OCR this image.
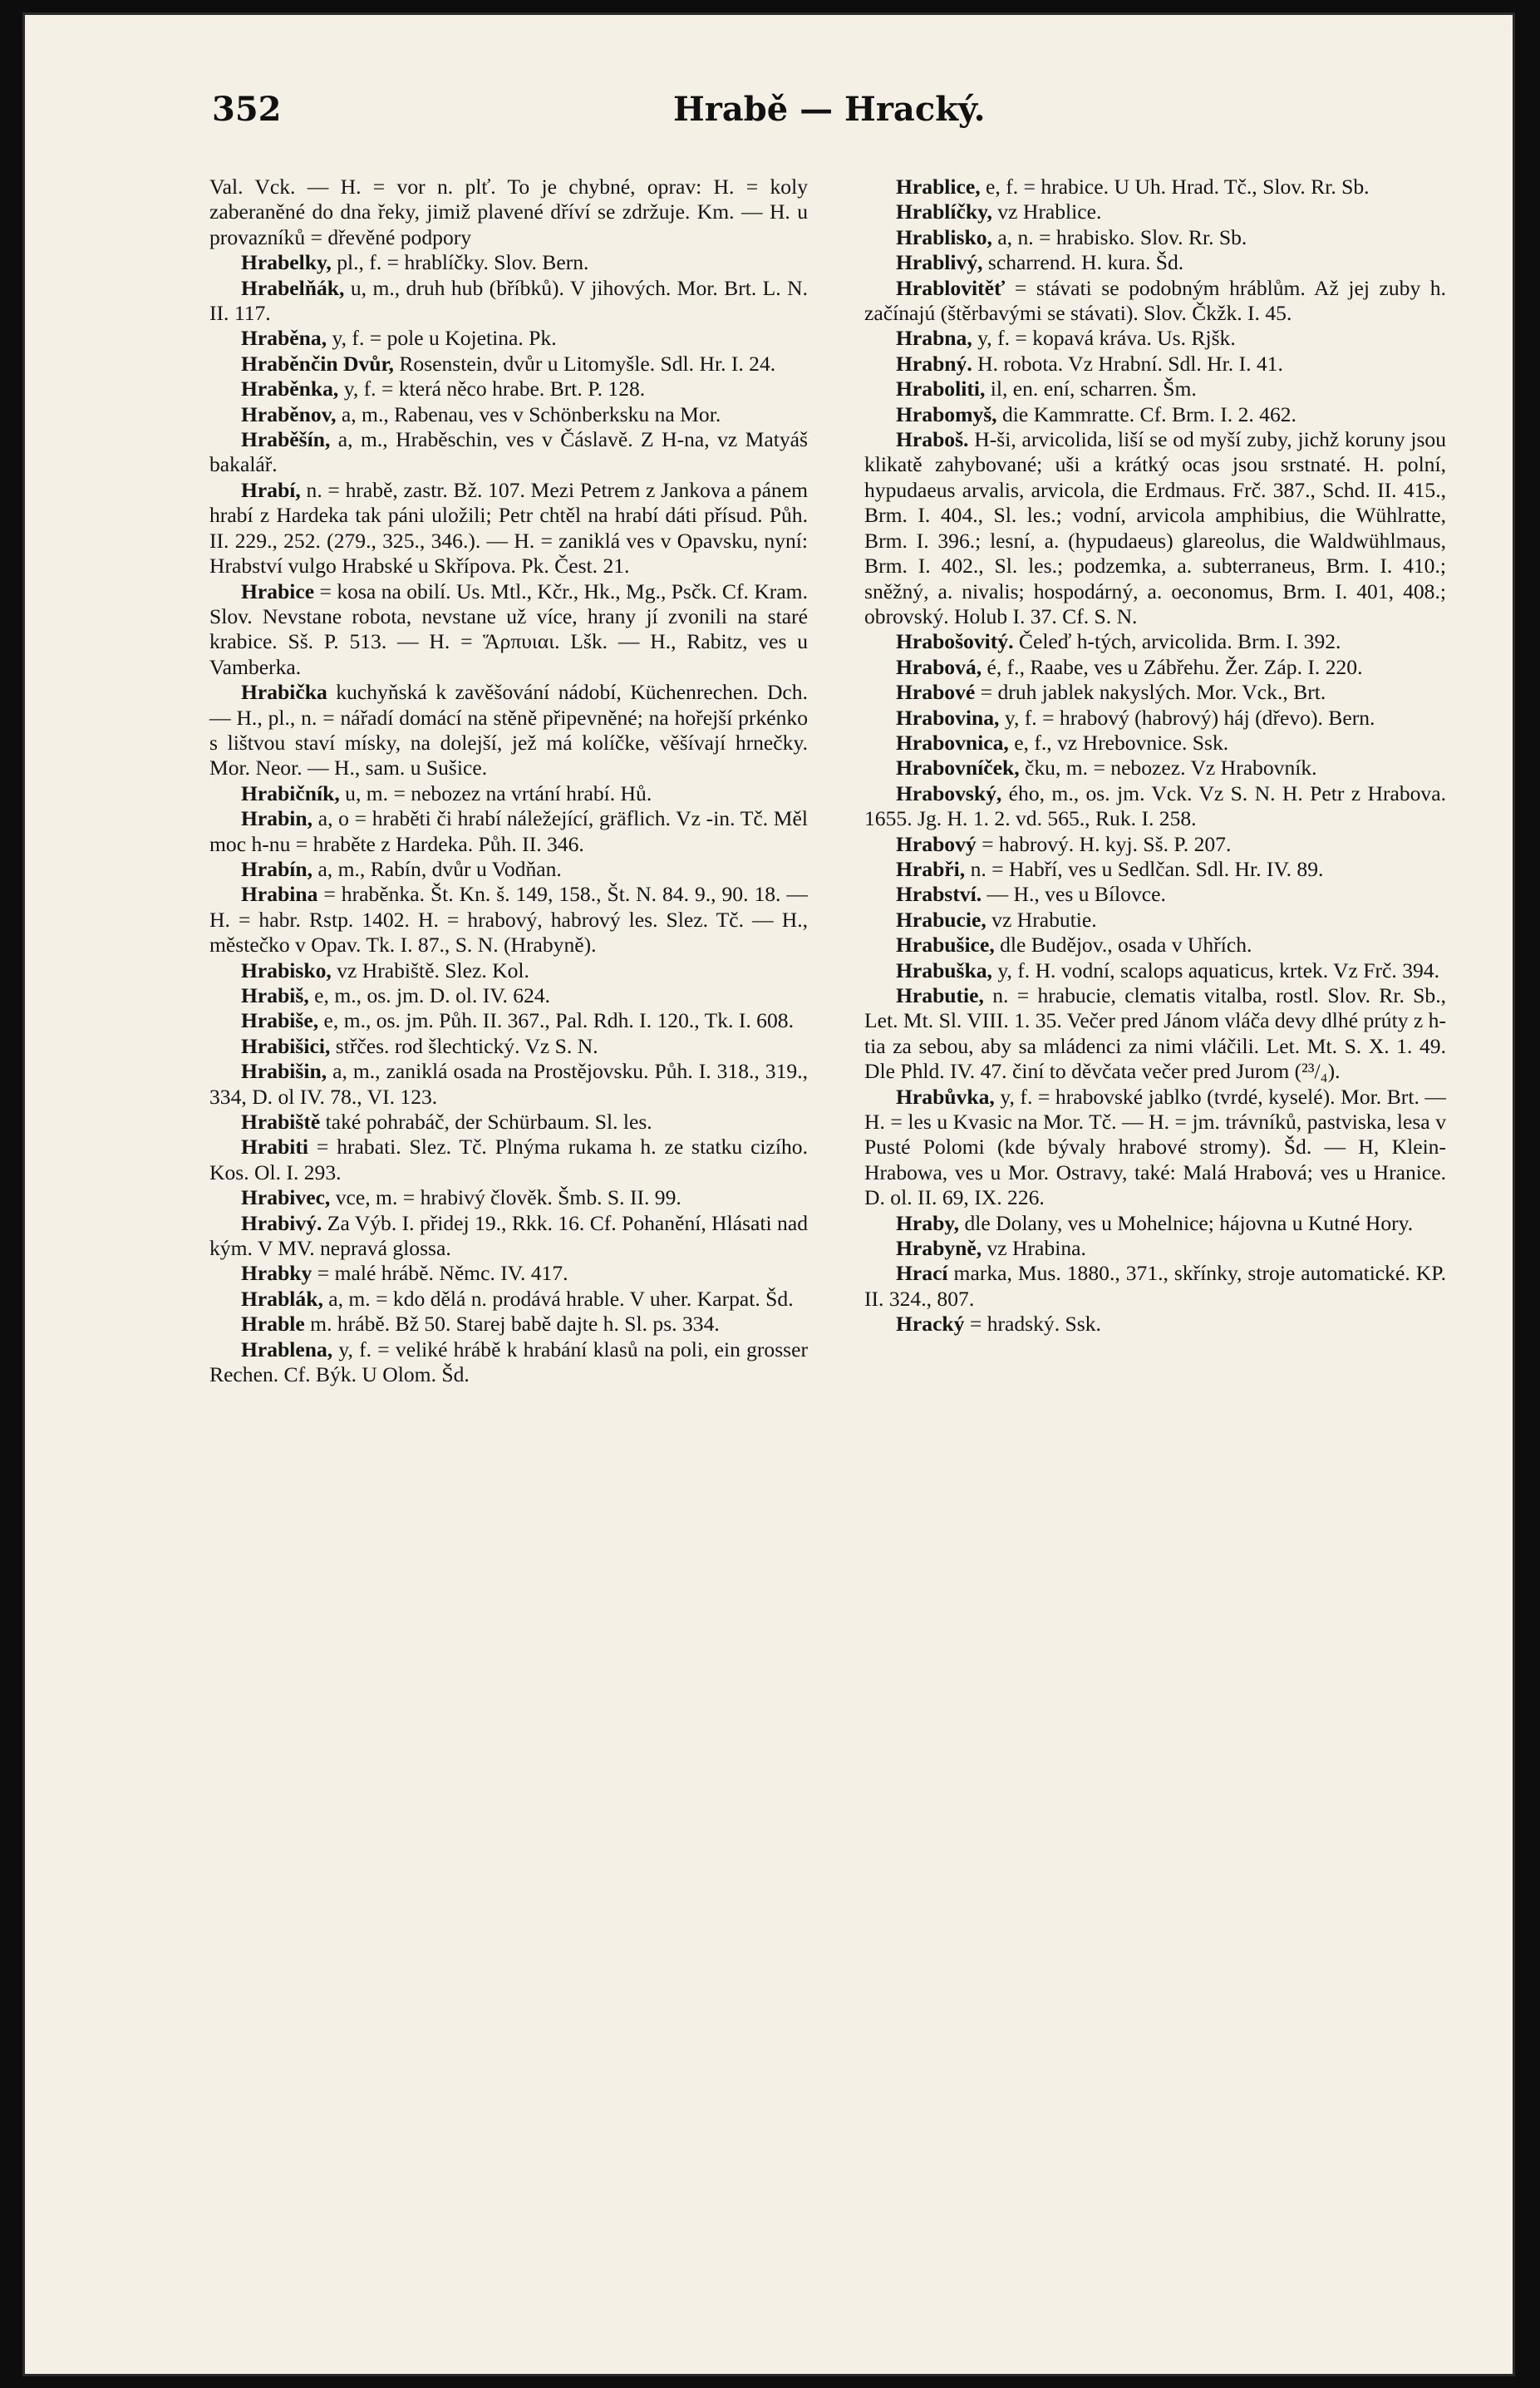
352	Hrabě — Hracký.
Val. Vck. — H. = vor n. plť. To je chybné, oprav: H. = koly zaberaněné do dna řeky, jimiž plavené dříví se zdržuje. Km. — H. u provazníků = dřevěné podpory
Hrabelky, pl., f. = hrablíčky. Slov. Bern.
Hrabelňák, u, m., druh hub (bříbků). V jihových. Mor. Brt. L. N. II. 117.
Hraběna, y, f. = pole u Kojetina. Pk.
Hraběnčin Dvůr, Rosenstein, dvůr u Litomyšle. Sdl. Hr. I. 24.
Hraběnka, y, f. = která něco hrabe. Brt. P. 128.
Hraběnov, a, m., Rabenau, ves v Schönberksku na Mor.
Hraběšín, a, m., Hraběschin, ves v Čáslavě. Z H-na, vz Matyáš bakalář.
Hrabí, n. = hrabě, zastr. Bž. 107. Mezi Petrem z Jankova a pánem hrabí z Hardeka tak páni uložili; Petr chtěl na hrabí dáti přísud. Půh. II. 229., 252. (279., 325., 346.). — H. = zaniklá ves v Opavsku, nyní: Hrabství vulgo Hrabské u Skřípova. Pk. Čest. 21.
Hrabice = kosa na obilí. Us. Mtl., Kčr., Hk., Mg., Psčk. Cf. Kram. Slov. Nevstane robota, nevstane už více, hrany jí zvonili na staré krabice. Sš. P. 513. — H. = Ἅρπυιαι. Lšk. — H., Rabitz, ves u Vamberka.
Hrabička kuchyňská k zavěšování nádobí, Küchenrechen. Dch. — H., pl., n. = nářadí domácí na stěně připevněné; na hořejší prkénko s lištvou staví mísky, na dolejší, jež má kolíčke, věšívají hrnečky. Mor. Neor. — H., sam. u Sušice.
Hrabičník, u, m. = nebozez na vrtání hrabí. Hů.
Hrabin, a, o = hraběti či hrabí náležející, gräflich. Vz -in. Tč. Měl moc h-nu = hraběte z Hardeka. Půh. II. 346.
Hrabín, a, m., Rabín, dvůr u Vodňan.
Hrabina = hraběnka. Št. Kn. š. 149, 158., Št. N. 84. 9., 90. 18. — H. = habr. Rstp. 1402. H. = hrabový, habrový les. Slez. Tč. — H., městečko v Opav. Tk. I. 87., S. N. (Hrabyně).
Hrabisko, vz Hrabiště. Slez. Kol.
Hrabiš, e, m., os. jm. D. ol. IV. 624.
Hrabiše, e, m., os. jm. Půh. II. 367., Pal. Rdh. I. 120., Tk. I. 608.
Hrabišici, střčes. rod šlechtický. Vz S. N.
Hrabišin, a, m., zaniklá osada na Prostějovsku. Půh. I. 318., 319., 334, D. ol IV. 78., VI. 123.
Hrabiště také pohrabáč, der Schürbaum. Sl. les.
Hrabiti = hrabati. Slez. Tč. Plnýma rukama h. ze statku cizího. Kos. Ol. I. 293.
Hrabivec, vce, m. = hrabivý člověk. Šmb. S. II. 99.
Hrabivý. Za Výb. I. přidej 19., Rkk. 16. Cf. Pohanění, Hlásati nad kým. V MV. nepravá glossa.
Hrabky = malé hrábě. Němc. IV. 417.
Hrablák, a, m. = kdo dělá n. prodává hrable. V uher. Karpat. Šd.
Hrable m. hrábě. Bž 50. Starej babě dajte h. Sl. ps. 334.
Hrablena, y, f. = veliké hrábě k hrabání klasů na poli, ein grosser Rechen. Cf. Býk. U Olom. Šd.
Hrablice, e, f. = hrabice. U Uh. Hrad. Tč., Slov. Rr. Sb.
Hrablíčky, vz Hrablice.
Hrablisko, a, n. = hrabisko. Slov. Rr. Sb.
Hrablivý, scharrend. H. kura. Šd.
Hrablovitěť = stávati se podobným hráblům. Až jej zuby h. začínajú (štěrbavými se stávati). Slov. Čkžk. I. 45.
Hrabna, y, f. = kopavá kráva. Us. Rjšk.
Hrabný. H. robota. Vz Hrabní. Sdl. Hr. I. 41.
Hraboliti, il, en. ení, scharren. Šm.
Hrabomyš, die Kammratte. Cf. Brm. I. 2. 462.
Hraboš. H-ši, arvicolida, liší se od myší zuby, jichž koruny jsou klikatě zahybované; uši a krátký ocas jsou srstnaté. H. polní, hypudaeus arvalis, arvicola, die Erdmaus. Frč. 387., Schd. II. 415., Brm. I. 404., Sl. les.; vodní, arvicola amphibius, die Wühlratte, Brm. I. 396.; lesní, a. (hypudaeus) glareolus, die Waldwühlmaus, Brm. I. 402., Sl. les.; podzemka, a. subterraneus, Brm. I. 410.; sněžný, a. nivalis; hospodárný, a. oeconomus, Brm. I. 401, 408.; obrovský. Holub I. 37. Cf. S. N.
Hrabošovitý. Čeleď h-tých, arvicolida. Brm. I. 392.
Hrabová, é, f., Raabe, ves u Zábřehu. Žer. Záp. I. 220.
Hrabové = druh jablek nakyslých. Mor. Vck., Brt.
Hrabovina, y, f. = hrabový (habrový) háj (dřevo). Bern.
Hrabovnica, e, f., vz Hrebovnice. Ssk.
Hrabovníček, čku, m. = nebozez. Vz Hrabovník.
Hrabovský, ého, m., os. jm. Vck. Vz S. N. H. Petr z Hrabova. 1655. Jg. H. 1. 2. vd. 565., Ruk. I. 258.
Hrabový = habrový. H. kyj. Sš. P. 207.
Hrabři, n. = Habří, ves u Sedlčan. Sdl. Hr. IV. 89.
Hrabství. — H., ves u Bílovce.
Hrabucie, vz Hrabutie.
Hrabušice, dle Budějov., osada v Uhřích.
Hrabuška, y, f. H. vodní, scalops aquaticus, krtek. Vz Frč. 394.
Hrabutie, n. = hrabucie, clematis vitalba, rostl. Slov. Rr. Sb., Let. Mt. Sl. VIII. 1. 35. Večer pred Jánom vláča devy dlhé prúty z h-tia za sebou, aby sa mládenci za nimi vláčili. Let. Mt. S. X. 1. 49. Dle Phld. IV. 47. činí to děvčata večer pred Jurom (²³/₄).
Hrabůvka, y, f. = hrabovské jablko (tvrdé, kyselé). Mor. Brt. — H. = les u Kvasic na Mor. Tč. — H. = jm. trávníků, pastviska, lesa v Pusté Polomi (kde bývaly hrabové stromy). Šd. — H, Klein-Hrabowa, ves u Mor. Ostravy, také: Malá Hrabová; ves u Hranice. D. ol. II. 69, IX. 226.
Hraby, dle Dolany, ves u Mohelnice; hájovna u Kutné Hory.
Hrabyně, vz Hrabina.
Hrací marka, Mus. 1880., 371., skřínky, stroje automatické. KP. II. 324., 807.
Hracký = hradský. Ssk.
